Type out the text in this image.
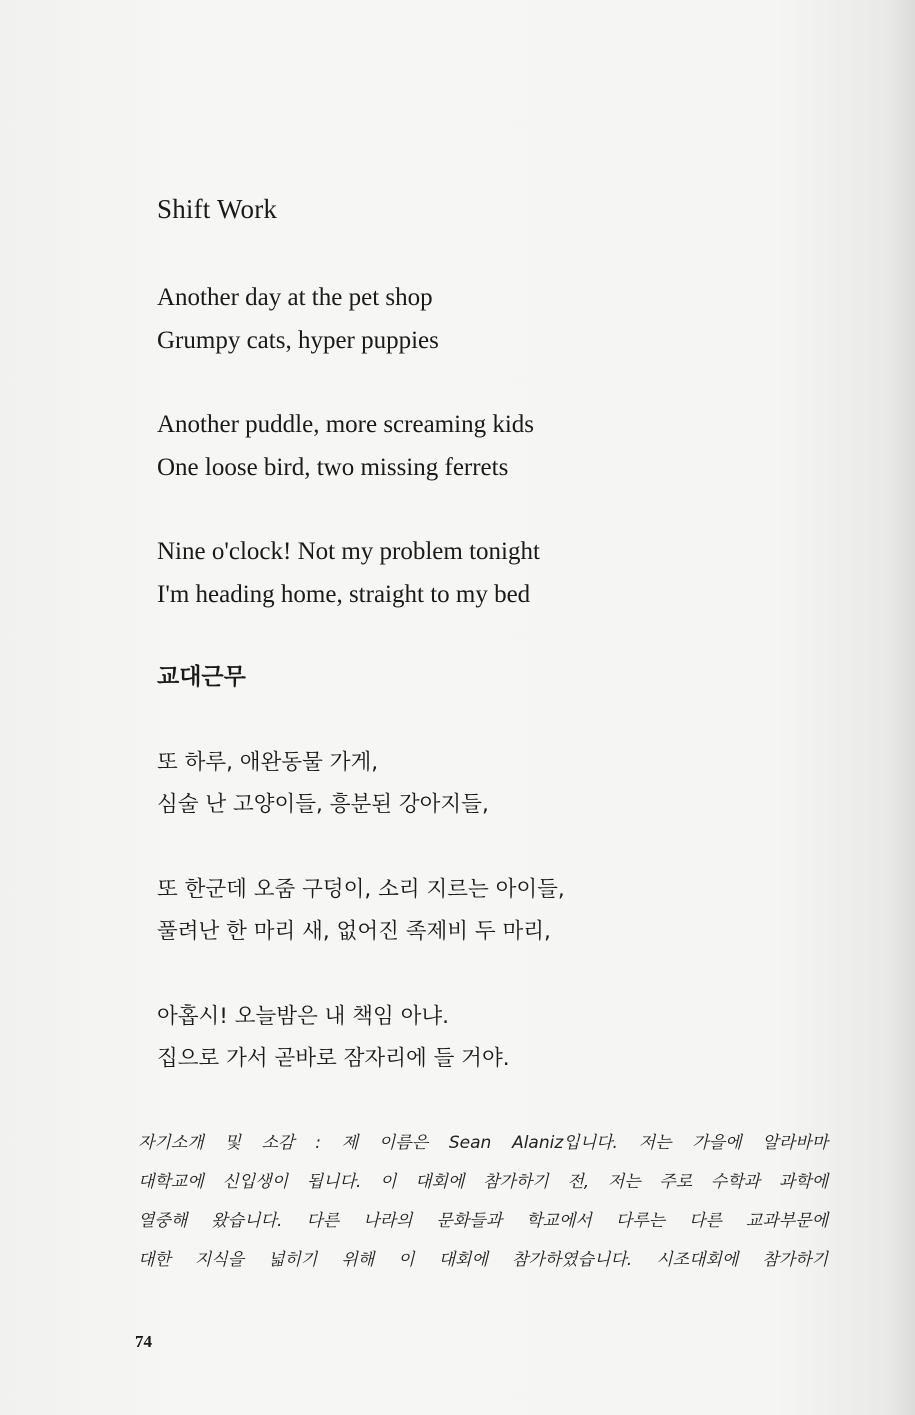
Shift Work
Another day at the pet shop
Grumpy cats, hyper puppies
Another puddle, more screaming kids
One loose bird, two missing ferrets
Nine o'clock! Not my problem tonight
I'm heading home, straight to my bed
교대근무
또 하루, 애완동물 가게,
심술 난 고양이들, 흥분된 강아지들,
또 한군데 오줌 구덩이, 소리 지르는 아이들,
풀려난 한 마리 새, 없어진 족제비 두 마리,
아홉시! 오늘밤은 내 책임 아냐.
집으로 가서 곧바로 잠자리에 들 거야.
자기소개 및 소감 : 제 이름은 Sean Alaniz입니다. 저는 가을에 알라바마
대학교에 신입생이 됩니다. 이 대회에 참가하기 전, 저는 주로 수학과 과학에
열중해 왔습니다. 다른 나라의 문화들과 학교에서 다루는 다른 교과부문에
대한 지식을 넓히기 위해 이 대회에 참가하였습니다. 시조대회에 참가하기
74
